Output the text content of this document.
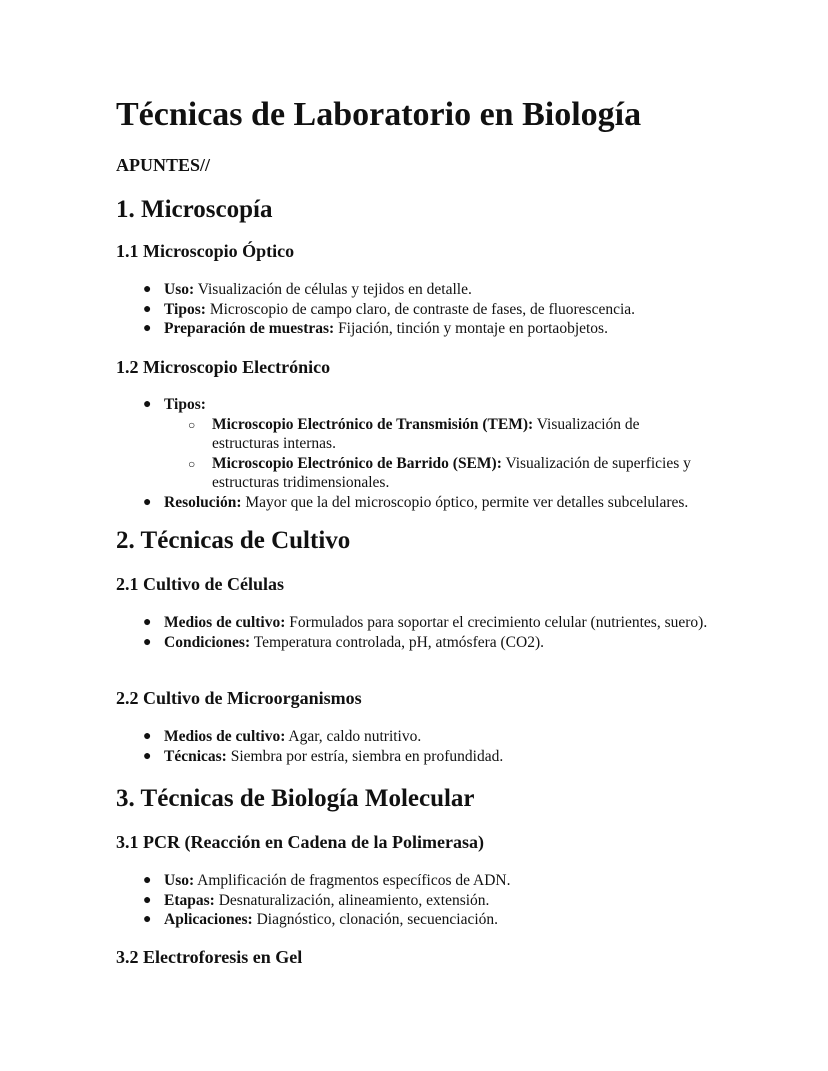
Técnicas de Laboratorio en Biología
APUNTES//
1. Microscopía
1.1 Microscopio Óptico
● Uso: Visualización de células y tejidos en detalle.
● Tipos: Microscopio de campo claro, de contraste de fases, de fluorescencia.
● Preparación de muestras: Fijación, tinción y montaje en portaobjetos.
1.2 Microscopio Electrónico
● Tipos:
○ Microscopio Electrónico de Transmisión (TEM): Visualización de estructuras internas.
○ Microscopio Electrónico de Barrido (SEM): Visualización de superficies y estructuras tridimensionales.
● Resolución: Mayor que la del microscopio óptico, permite ver detalles subcelulares.
2. Técnicas de Cultivo
2.1 Cultivo de Células
● Medios de cultivo: Formulados para soportar el crecimiento celular (nutrientes, suero).
● Condiciones: Temperatura controlada, pH, atmósfera (CO2).
2.2 Cultivo de Microorganismos
● Medios de cultivo: Agar, caldo nutritivo.
● Técnicas: Siembra por estría, siembra en profundidad.
3. Técnicas de Biología Molecular
3.1 PCR (Reacción en Cadena de la Polimerasa)
● Uso: Amplificación de fragmentos específicos de ADN.
● Etapas: Desnaturalización, alineamiento, extensión.
● Aplicaciones: Diagnóstico, clonación, secuenciación.
3.2 Electroforesis en Gel
